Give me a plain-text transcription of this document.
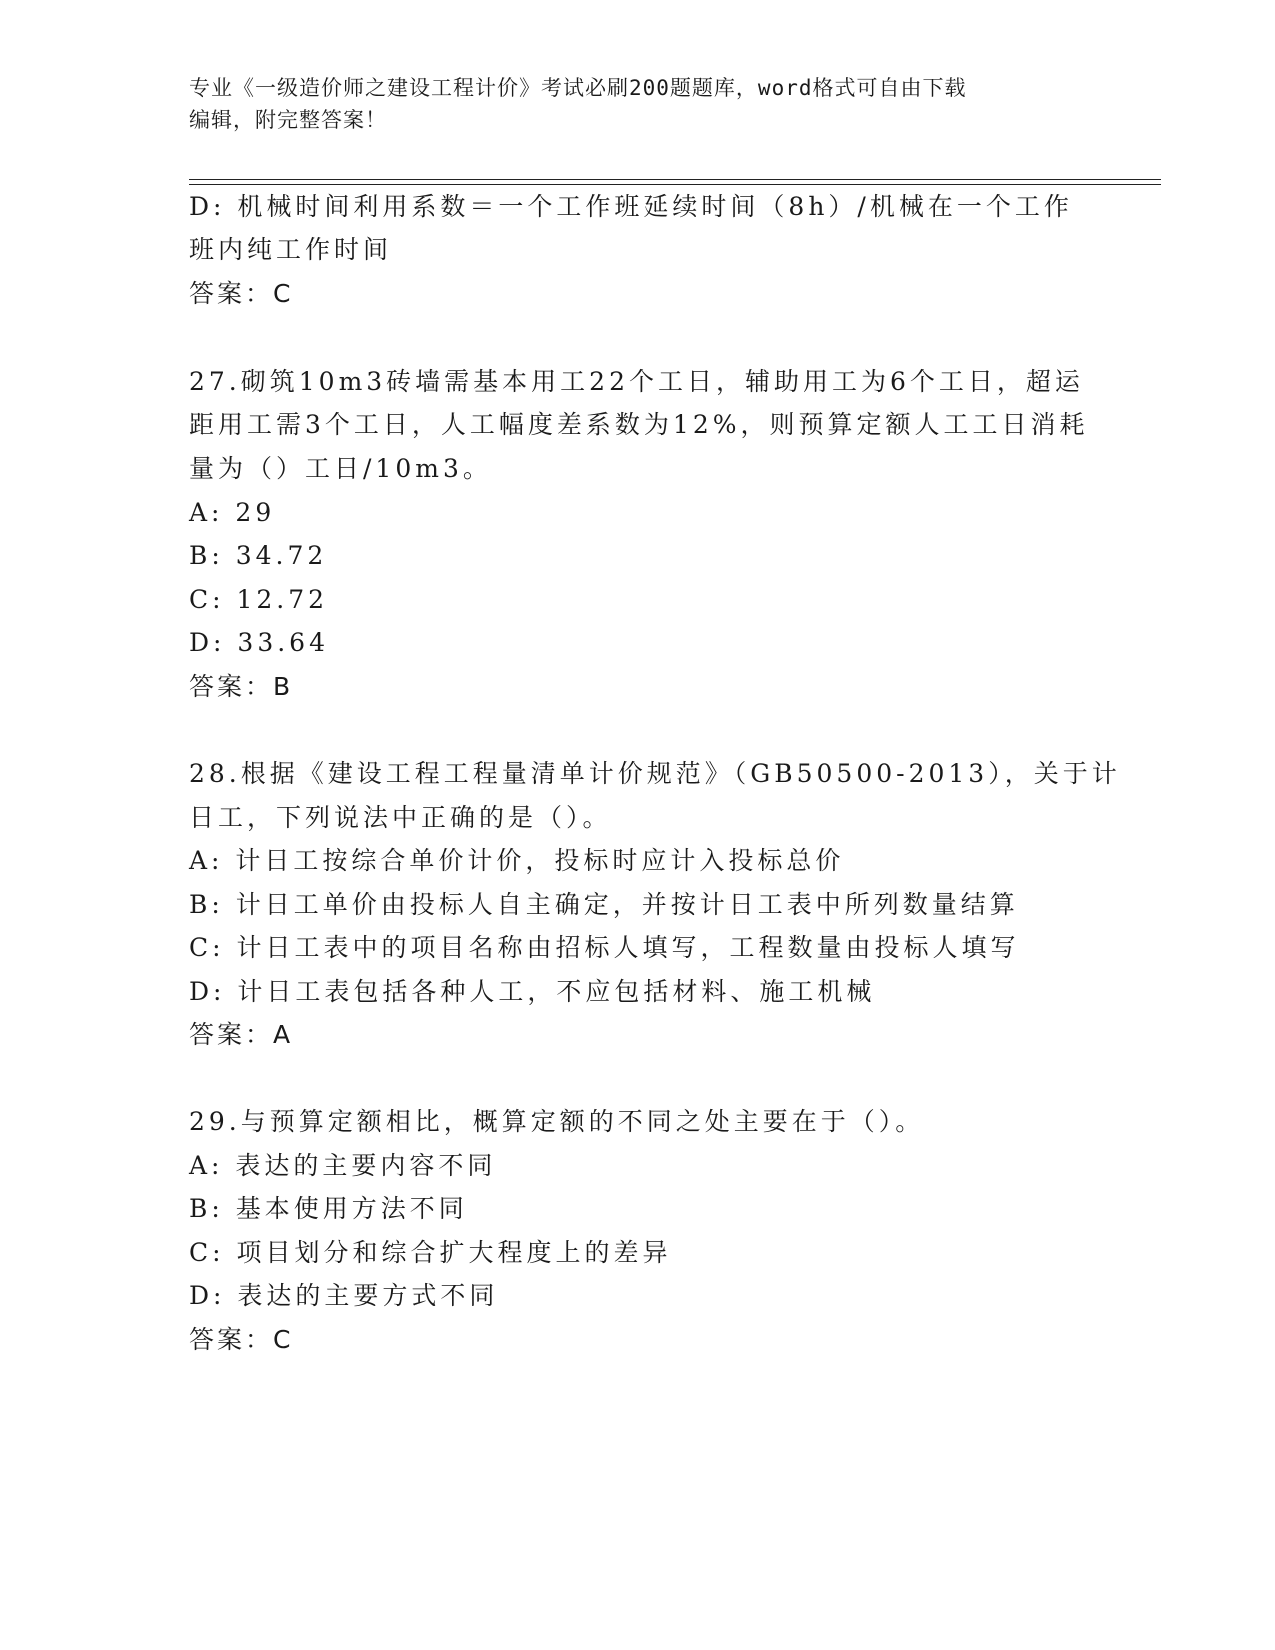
专业《一级造价师之建设工程计价》考试必刷200题题库，word格式可自由下载
编辑，附完整答案！
D: 机械时间利用系数＝一个工作班延续时间（8h）/机械在一个工作
班内纯工作时间
答案：C
27.砌筑10m3砖墙需基本用工22个工日，辅助用工为6个工日，超运
距用工需3个工日，人工幅度差系数为12%，则预算定额人工工日消耗
量为（）工日/10m3。
A: 29
B: 34.72
C: 12.72
D: 33.64
答案：B
28.根据《建设工程工程量清单计价规范》（GB50500-2013），关于计
日工，下列说法中正确的是（）。
A: 计日工按综合单价计价，投标时应计入投标总价
B: 计日工单价由投标人自主确定，并按计日工表中所列数量结算
C: 计日工表中的项目名称由招标人填写，工程数量由投标人填写
D: 计日工表包括各种人工，不应包括材料、施工机械
答案：A
29.与预算定额相比，概算定额的不同之处主要在于（）。
A: 表达的主要内容不同
B: 基本使用方法不同
C: 项目划分和综合扩大程度上的差异
D: 表达的主要方式不同
答案：C
